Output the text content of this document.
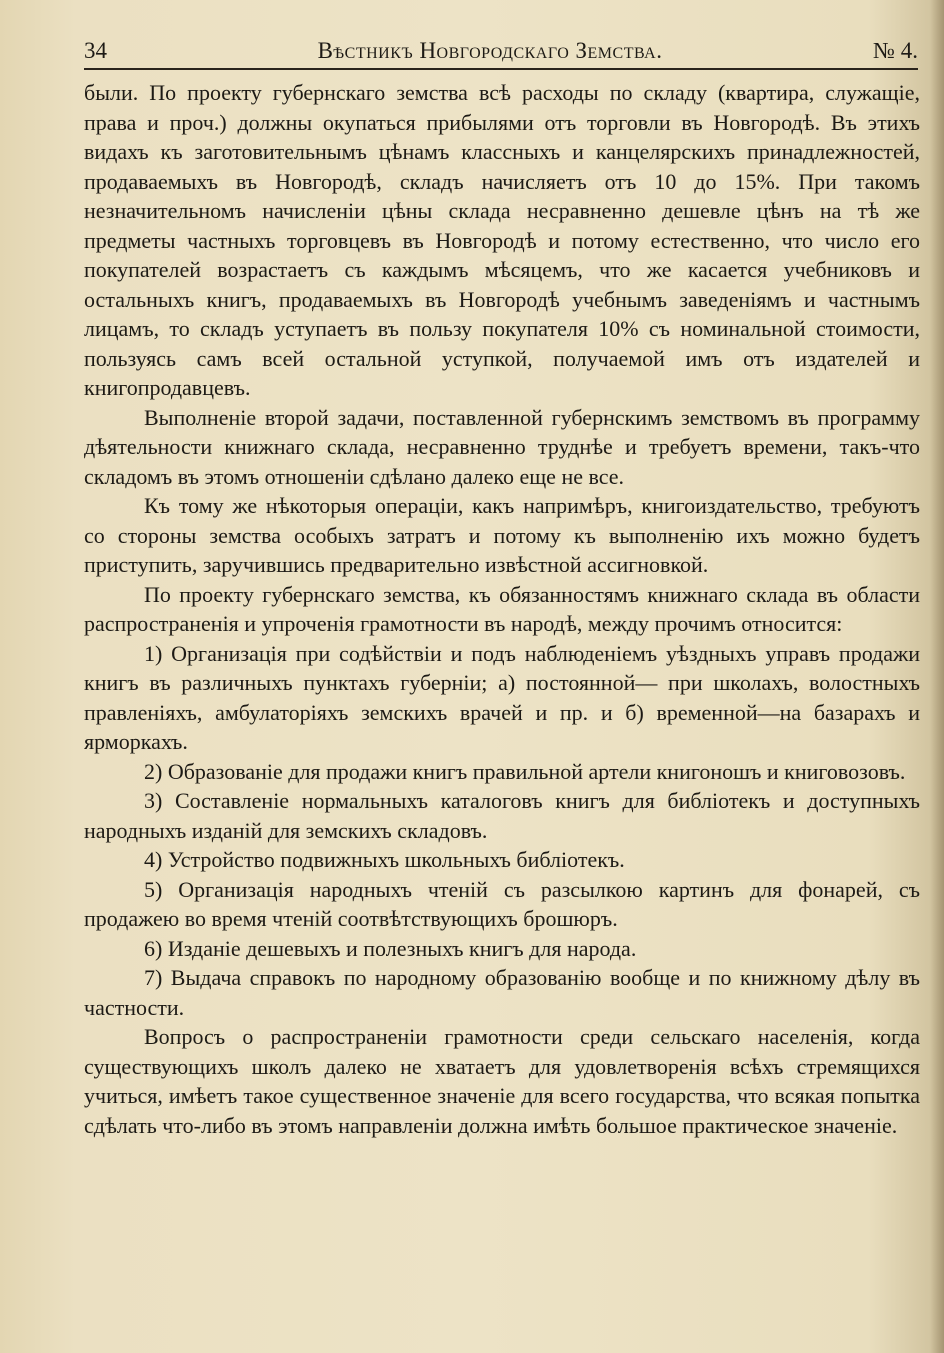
34	Вѣстникъ Новгородскаго Земства.	№ 4.

были. По проекту губернскаго земства всѣ расходы по складу (квартира, служащіе, права и проч.) должны окупаться прибылями отъ торговли въ Новгородѣ. Въ этихъ видахъ къ заготовительнымъ цѣнамъ классныхъ и канцелярскихъ принадлежностей, продаваемыхъ въ Новгородѣ, складъ начисляетъ отъ 10 до 15%. При такомъ незначительномъ начисленіи цѣны склада несравненно дешевле цѣнъ на тѣ же предметы частныхъ торговцевъ въ Новгородѣ и потому естественно, что число его покупателей возрастаетъ съ каждымъ мѣсяцемъ, что же касается учебниковъ и остальныхъ книгъ, продаваемыхъ въ Новгородѣ учебнымъ заведеніямъ и частнымъ лицамъ, то складъ уступаетъ въ пользу покупателя 10% съ номинальной стоимости, пользуясь самъ всей остальной уступкой, получаемой имъ отъ издателей и книгопродавцевъ.

Выполненіе второй задачи, поставленной губернскимъ земствомъ въ программу дѣятельности книжнаго склада, несравненно труднѣе и требуетъ времени, такъ-что складомъ въ этомъ отношеніи сдѣлано далеко еще не все.

Къ тому же нѣкоторыя операціи, какъ напримѣръ, книгоиздательство, требуютъ со стороны земства особыхъ затратъ и потому къ выполненію ихъ можно будетъ приступить, заручившись предварительно извѣстной ассигновкой.

По проекту губернскаго земства, къ обязанностямъ книжнаго склада въ области распространенія и упроченія грамотности въ народѣ, между прочимъ относится:

1) Организація при содѣйствіи и подъ наблюденіемъ уѣздныхъ управъ продажи книгъ въ различныхъ пунктахъ губерніи; а) постоянной— при школахъ, волостныхъ правленіяхъ, амбулаторіяхъ земскихъ врачей и пр. и б) временной—на базарахъ и ярморкахъ.

2) Образованіе для продажи книгъ правильной артели книгоношъ и книговозовъ.

3) Составленіе нормальныхъ каталоговъ книгъ для библіотекъ и доступныхъ народныхъ изданій для земскихъ складовъ.

4) Устройство подвижныхъ школьныхъ библіотекъ.

5) Организація народныхъ чтеній съ разсылкою картинъ для фонарей, съ продажею во время чтеній соотвѣтствующихъ брошюръ.

6) Изданіе дешевыхъ и полезныхъ книгъ для народа.

7) Выдача справокъ по народному образованію вообще и по книжному дѣлу въ частности.

Вопросъ о распространеніи грамотности среди сельскаго населенія, когда существующихъ школъ далеко не хватаетъ для удовлетворенія всѣхъ стремящихся учиться, имѣетъ такое существенное значеніе для всего государства, что всякая попытка сдѣлать что-либо въ этомъ направленіи должна имѣть большое практическое значеніе.
